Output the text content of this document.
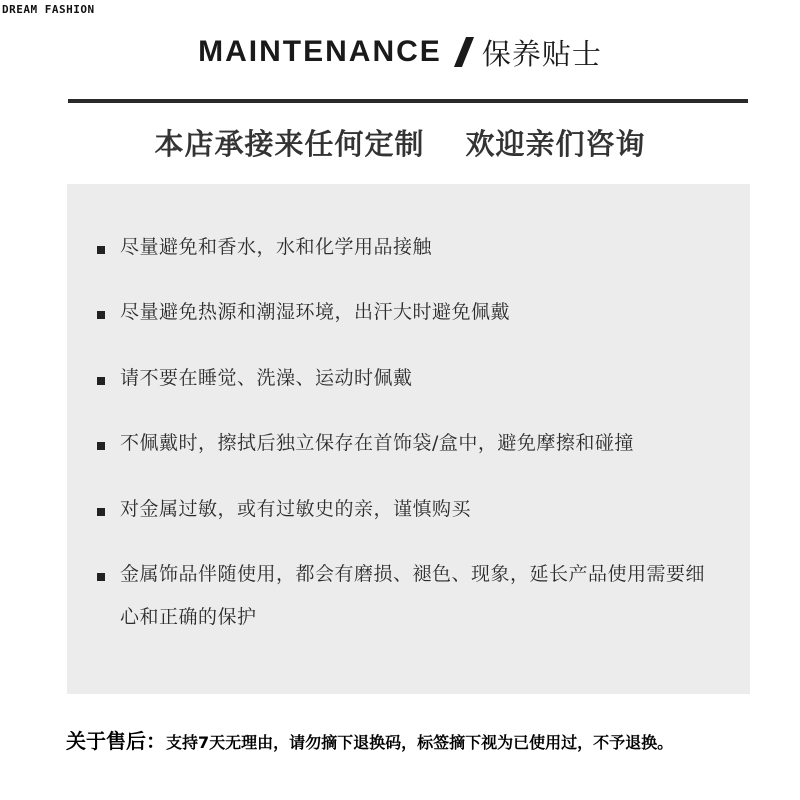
DREAM FASHION
MAINTENANCE 保养贴士
本店承接来任何定制　 欢迎亲们咨询
尽量避免和香水，水和化学用品接触
尽量避免热源和潮湿环境，出汗大时避免佩戴
请不要在睡觉、洗澡、运动时佩戴
不佩戴时，擦拭后独立保存在首饰袋/盒中，避免摩擦和碰撞
对金属过敏，或有过敏史的亲，谨慎购买
金属饰品伴随使用，都会有磨损、褪色、现象，延长产品使用需要细心和正确的保护
关于售后：支持7天无理由，请勿摘下退换码，标签摘下视为已使用过，不予退换。
